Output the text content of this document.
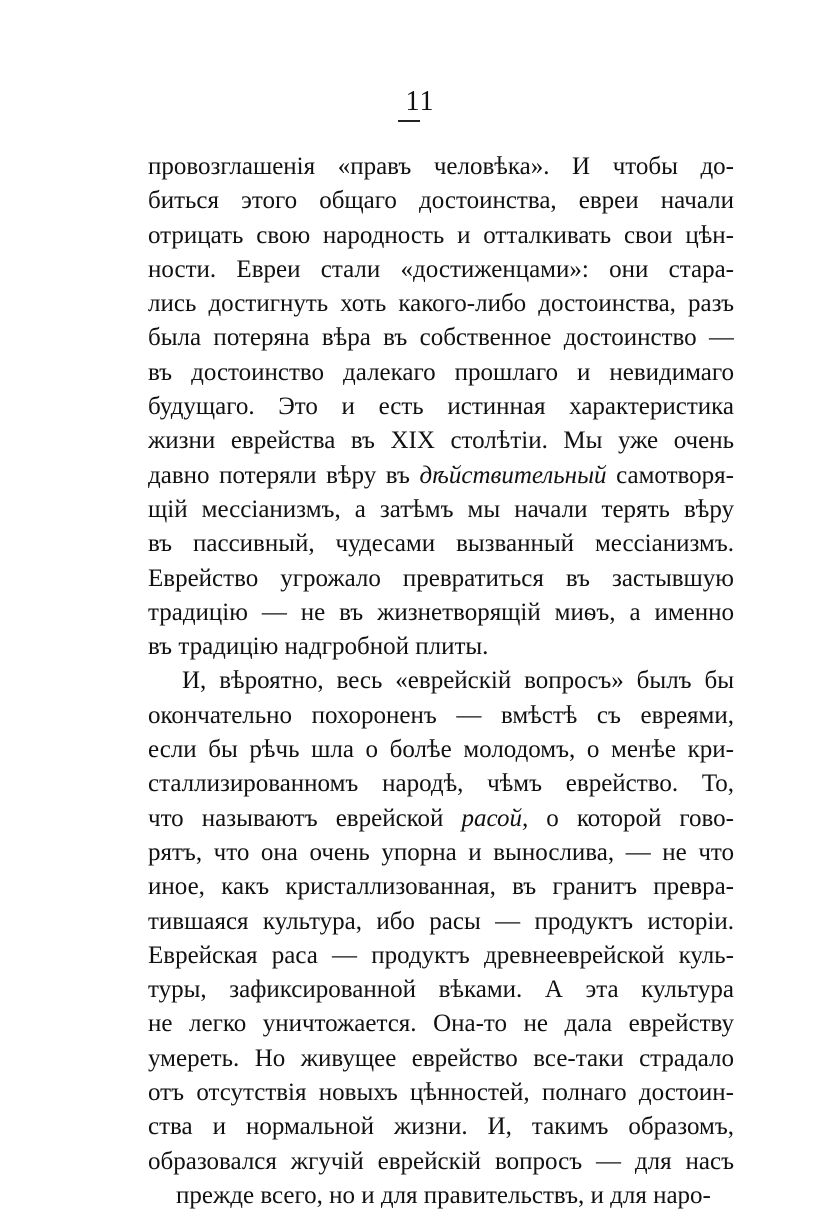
11
провозглашенія «правъ человѣка». И чтобы до-
биться этого общаго достоинства, евреи начали
отрицать свою народность и отталкивать свои цѣн-
ности. Евреи стали «достиженцами»: они стара-
лись достигнуть хоть какого-либо достоинства, разъ
была потеряна вѣра въ собственное достоинство —
въ достоинство далекаго прошлаго и невидимаго
будущаго. Это и есть истинная характеристика
жизни еврейства въ XIX столѣтіи. Мы уже очень
давно потеряли вѣру въ дѣйствительный самотворя-
щій мессіанизмъ, а затѣмъ мы начали терять вѣру
въ пассивный, чудесами вызванный мессіанизмъ.
Еврейство угрожало превратиться въ застывшую
традицію — не въ жизнетворящій миѳъ, а именно
въ традицію надгробной плиты.
И, вѣроятно, весь «еврейскій вопросъ» былъ бы
окончательно похороненъ — вмѣстѣ съ евреями,
если бы рѣчь шла о болѣе молодомъ, о менѣе кри-
сталлизированномъ народѣ, чѣмъ еврейство. То,
что называютъ еврейской расой, о которой гово-
рятъ, что она очень упорна и вынослива, — не что
иное, какъ кристаллизованная, въ гранитъ превра-
тившаяся культура, ибо расы — продуктъ исторіи.
Еврейская раса — продуктъ древнееврейской куль-
туры, зафиксированной вѣками. А эта культура
не легко уничтожается. Она-то не дала еврейству
умереть. Но живущее еврейство все-таки страдало
отъ отсутствія новыхъ цѣнностей, полнаго достоин-
ства и нормальной жизни. И, такимъ образомъ,
образовался жгучій еврейскій вопросъ — для насъ
прежде всего, но и для правительствъ, и для наро-
